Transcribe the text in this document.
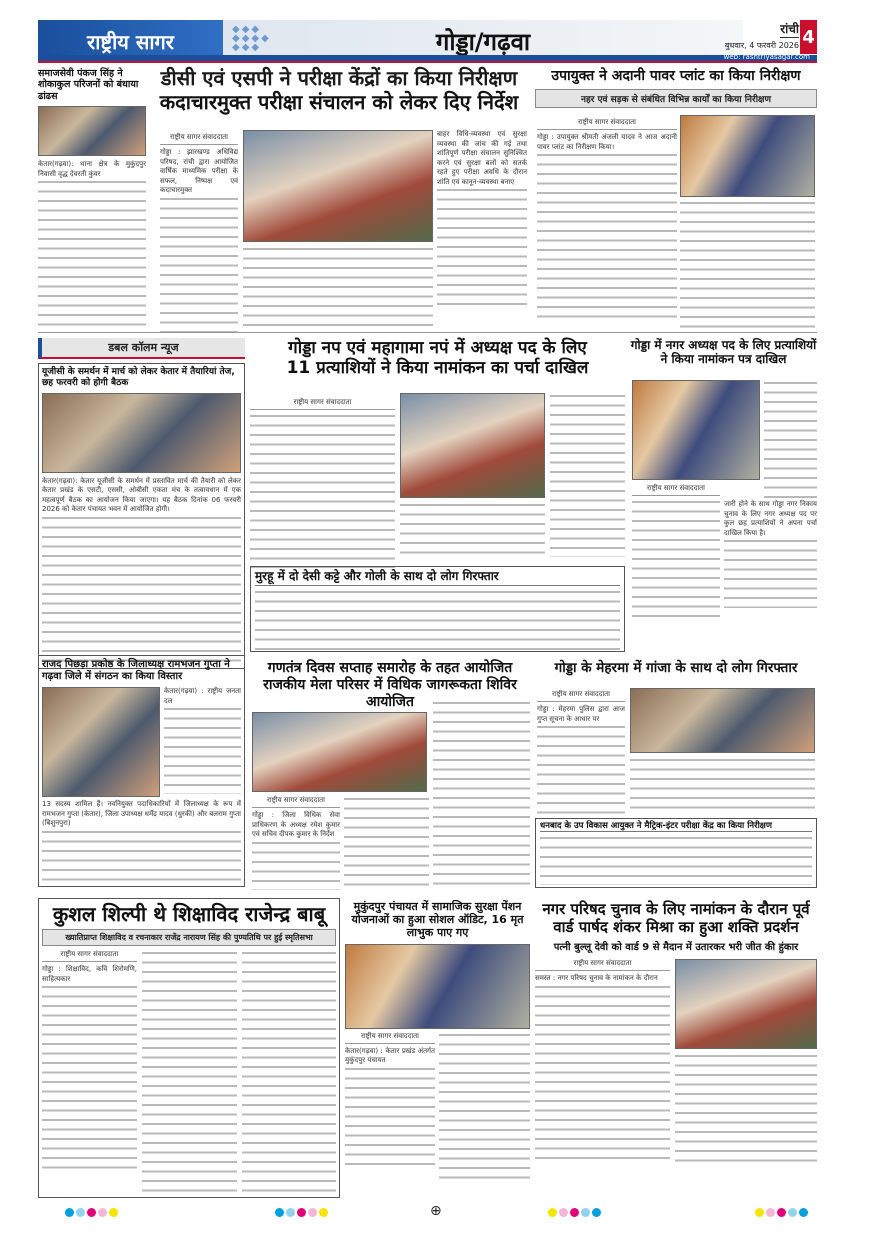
राष्ट्रीय सागर	गोड्डा/गढ़वा
◆◆◆
◆◆◆◆
◆◆◆
रांची
बुधवार, 4 फरवरी 2026 4
web: rashtriyasagar.com
समाजसेवी पंकज सिंह ने शोकाकुल परिजनों को बंधाया ढांढस
केतार(गढ़वा): थाना क्षेत्र के मुकुंदपुर निवासी वृद्ध देवरती कुंवर
डीसी एवं एसपी ने परीक्षा केंद्रों का किया निरीक्षण
कदाचारमुक्त परीक्षा संचालन को लेकर दिए निर्देश
राष्ट्रीय सागर संवाददाता
गोड्डा : झारखण्ड अधिविद्य परिषद, रांची द्वारा आयोजित वार्षिक माध्यमिक परीक्षा के सफल, निष्पक्ष एवं कदाचारमुक्त
बाहर विधि-व्यवस्था एवं सुरक्षा व्यवस्था की जांच की गई तथा शांतिपूर्ण परीक्षा संचालन सुनिश्चित करने एवं सुरक्षा बलों को सतर्क रहते हुए परीक्षा अवधि के दौरान शांति एवं कानून-व्यवस्था बनाए
उपायुक्त ने अदानी पावर प्लांट का किया निरीक्षण
नहर एवं सड़क से संबंधित विभिन्न कार्यों का किया निरीक्षण
राष्ट्रीय सागर संवाददाता
गोड्डा : उपायुक्त श्रीमती अंजली यादव ने आज अदानी पावर प्लांट का निरीक्षण किया।
डबल कॉलम न्यूज
यूजीसी के समर्थन में मार्च को लेकर केतार में तैयारियां तेज, छह फरवरी को होगी बैठक
केतार(गढ़वा): केतार यूजीसी के समर्थन में प्रस्तावित मार्च की तैयारी को लेकर केतार प्रखंड के एसटी, एससी, ओबीसी एकता मंच के तत्वावधान में एक महत्वपूर्ण बैठक का आयोजन किया जाएगा। यह बैठक दिनांक 06 फरवरी 2026 को केतार पंचायत भवन में आयोजित होगी।
गोड्डा नप एवं महागामा नपं में अध्यक्ष पद के लिए
11 प्रत्याशियों ने किया नामांकन का पर्चा दाखिल
राष्ट्रीय सागर संवाददाता
मुरहू में दो देसी कट्टे और गोली के साथ दो लोग गिरफ्तार
गोड्डा में नगर अध्यक्ष पद के लिए प्रत्याशियों ने किया नामांकन पत्र दाखिल
राष्ट्रीय सागर संवाददाता
जारी होने के साथ गोड्डा नगर निकाय चुनाव के लिए नगर अध्यक्ष पद पर कुल छह प्रत्याशियों ने अपना पर्चा दाखिल किया है।
राजद पिछड़ा प्रकोष्ठ के जिलाध्यक्ष रामभजन गुप्ता ने गढ़वा जिले में संगठन का किया विस्तार
केतार(गढ़वा) : राष्ट्रीय जनता दल
13 सदस्य शामिल हैं। नवनियुक्त पदाधिकारियों में जिलाध्यक्ष के रूप में रामभजन गुप्ता (केतार), जिला उपाध्यक्ष धर्मेंद्र यादव (धुरकी) और बलराम गुप्ता (बिशुनपुरा)
गणतंत्र दिवस सप्ताह समारोह के तहत आयोजित राजकीय मेला परिसर में विधिक जागरूकता शिविर आयोजित
राष्ट्रीय सागर संवाददाता
गोड्डा : जिला विधिक सेवा प्राधिकरण के अध्यक्ष रमेश कुमार एवं सचिव दीपक कुमार के निर्देश
गोड्डा के मेहरमा में गांजा के साथ दो लोग गिरफ्तार
राष्ट्रीय सागर संवाददाता
गोड्डा : मेहरमा पुलिस द्वारा आज गुप्त सूचना के आधार पर
धनबाद के उप विकास आयुक्त ने मैट्रिक-इंटर परीक्षा केंद्र का किया निरीक्षण
कुशल शिल्पी थे शिक्षाविद राजेन्द्र बाबू
ख्यातिप्राप्त शिक्षाविद व रचनाकार राजेंद्र नारायण सिंह की पुण्यतिथि पर हुई स्मृतिसभा
राष्ट्रीय सागर संवाददाता
गोड्डा : शिक्षाविद, कवि शिरोमणि, साहित्यकार
मुकुंदपुर पंचायत में सामाजिक सुरक्षा पेंशन योजनाओं का हुआ सोशल ऑडिट, 16 मृत लाभुक पाए गए
राष्ट्रीय सागर संवाददाता
केतार(गढ़वा) : केतार प्रखंड अंतर्गत मुकुंदपुर पंचायत
नगर परिषद चुनाव के लिए नामांकन के दौरान पूर्व वार्ड पार्षद शंकर मिश्रा का हुआ शक्ति प्रदर्शन
पत्नी बुल्लू देवी को वार्ड 9 से मैदान में उतारकर भरी जीत की हुंकार
राष्ट्रीय सागर संवाददाता
समस्त : नगर परिषद चुनाव के नामांकन के दौरान
⊕
